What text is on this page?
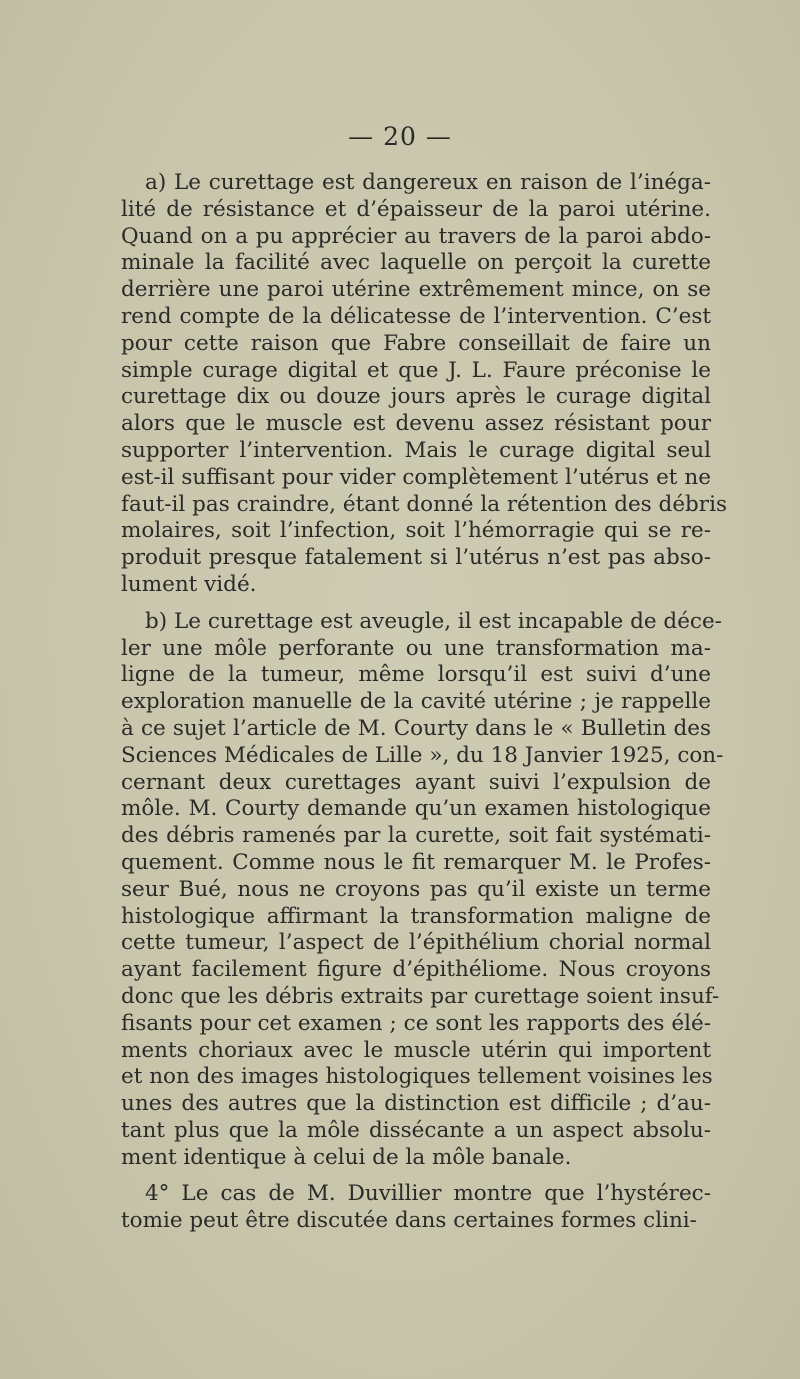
— 20 —
a) Le curettage est dangereux en raison de l’inéga-
lité de résistance et d’épaisseur de la paroi utérine.
Quand on a pu apprécier au travers de la paroi abdo-
minale la facilité avec laquelle on perçoit la curette
derrière une paroi utérine extrêmement mince, on se
rend compte de la délicatesse de l’intervention. C’est
pour cette raison que Fabre conseillait de faire un
simple curage digital et que J. L. Faure préconise le
curettage dix ou douze jours après le curage digital
alors que le muscle est devenu assez résistant pour
supporter l’intervention. Mais le curage digital seul
est-il suffisant pour vider complètement l’utérus et ne
faut-il pas craindre, étant donné la rétention des débris
molaires, soit l’infection, soit l’hémorragie qui se re-
produit presque fatalement si l’utérus n’est pas abso-
lument vidé.
b) Le curettage est aveugle, il est incapable de déce-
ler une môle perforante ou une transformation ma-
ligne de la tumeur, même lorsqu’il est suivi d’une
exploration manuelle de la cavité utérine ; je rappelle
à ce sujet l’article de M. Courty dans le « Bulletin des
Sciences Médicales de Lille », du 18 Janvier 1925, con-
cernant deux curettages ayant suivi l’expulsion de
môle. M. Courty demande qu’un examen histologique
des débris ramenés par la curette, soit fait systémati-
quement. Comme nous le fit remarquer M. le Profes-
seur Bué, nous ne croyons pas qu’il existe un terme
histologique affirmant la transformation maligne de
cette tumeur, l’aspect de l’épithélium chorial normal
ayant facilement figure d’épithéliome. Nous croyons
donc que les débris extraits par curettage soient insuf-
fisants pour cet examen ; ce sont les rapports des élé-
ments choriaux avec le muscle utérin qui importent
et non des images histologiques tellement voisines les
unes des autres que la distinction est difficile ; d’au-
tant plus que la môle dissécante a un aspect absolu-
ment identique à celui de la môle banale.
4° Le cas de M. Duvillier montre que l’hystérec-
tomie peut être discutée dans certaines formes clini-
